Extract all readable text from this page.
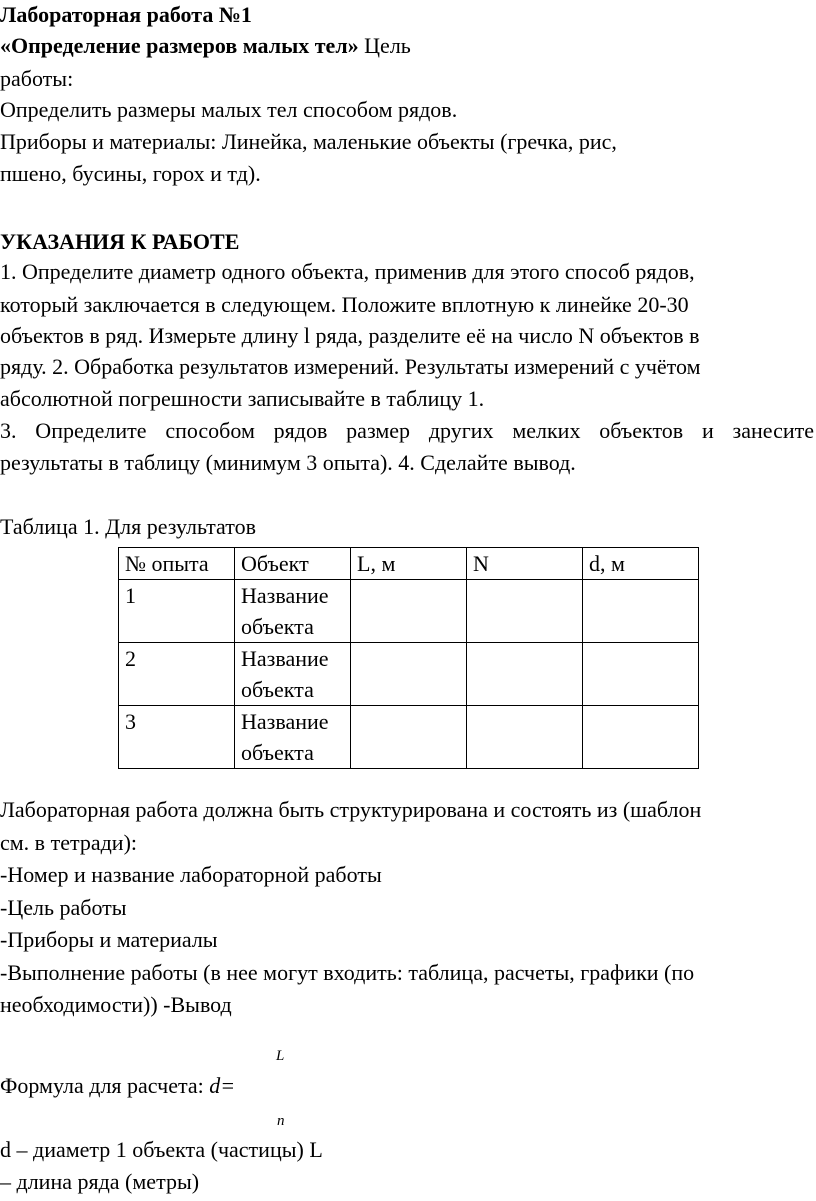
Лабораторная работа №1
«Определение размеров малых тел» Цель
работы:
Определить размеры малых тел способом рядов.
Приборы и материалы: Линейка, маленькие объекты (гречка, рис,
пшено, бусины, горох и тд).
УКАЗАНИЯ К РАБОТЕ
1. Определите диаметр одного объекта, применив для этого способ рядов,
который заключается в следующем. Положите вплотную к линейке 20-30
объектов в ряд. Измерьте длину l ряда, разделите её на число N объектов в
ряду. 2. Обработка результатов измерений. Результаты измерений с учётом
абсолютной погрешности записывайте в таблицу 1.
3. Определите способом рядов размер других мелких объектов и занесите
результаты в таблицу (минимум 3 опыта). 4. Сделайте вывод.
Таблица 1. Для результатов
№ опыта	Объект	L, м	N	d, м
1	Название объекта			
2	Название объекта			
3	Название объекта			
Лабораторная работа должна быть структурирована и состоять из (шаблон
см. в тетради):
-Номер и название лабораторной работы
-Цель работы
-Приборы и материалы
-Выполнение работы (в нее могут входить: таблица, расчеты, графики (по
необходимости)) -Вывод
L
Формула для расчета: d=
n
d – диаметр 1 объекта (частицы) L
– длина ряда (метры)
